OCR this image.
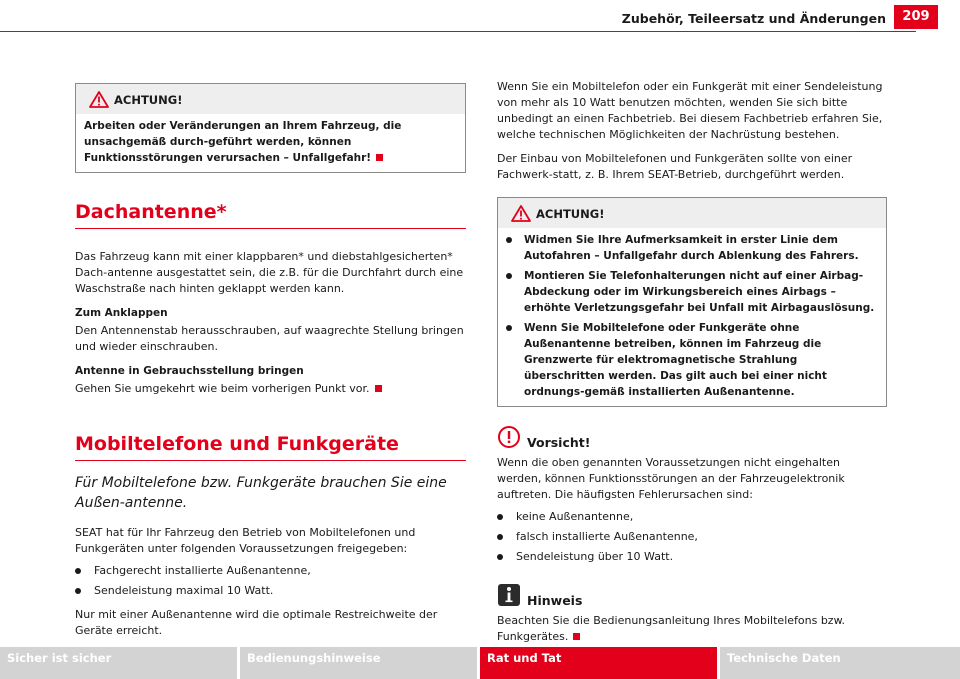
Zubehör, Teileersatz und Änderungen	209
ACHTUNG!
Arbeiten oder Veränderungen an Ihrem Fahrzeug, die unsachgemäß durch-geführt werden, können Funktionsstörungen verursachen – Unfallgefahr!
Dachantenne*

Das Fahrzeug kann mit einer klappbaren* und diebstahlgesicherten* Dach-antenne ausgestattet sein, die z.B. für die Durchfahrt durch eine Waschstraße nach hinten geklappt werden kann.

Zum Anklappen

Den Antennenstab herausschrauben, auf waagrechte Stellung bringen und wieder einschrauben.

Antenne in Gebrauchsstellung bringen

Gehen Sie umgekehrt wie beim vorherigen Punkt vor.

Mobiltelefone und Funkgeräte

Für Mobiltelefone bzw. Funkgeräte brauchen Sie eine Außen-antenne.

SEAT hat für Ihr Fahrzeug den Betrieb von Mobiltelefonen und Funkgeräten unter folgenden Voraussetzungen freigegeben:

Fachgerecht installierte Außenantenne,
Sendeleistung maximal 10 Watt.

Nur mit einer Außenantenne wird die optimale Restreichweite der Geräte erreicht.

Wenn Sie ein Mobiltelefon oder ein Funkgerät mit einer Sendeleistung von mehr als 10 Watt benutzen möchten, wenden Sie sich bitte unbedingt an einen Fachbetrieb. Bei diesem Fachbetrieb erfahren Sie, welche technischen Möglichkeiten der Nachrüstung bestehen.

Der Einbau von Mobiltelefonen und Funkgeräten sollte von einer Fachwerk-statt, z. B. Ihrem SEAT-Betrieb, durchgeführt werden.

ACHTUNG!
Widmen Sie Ihre Aufmerksamkeit in erster Linie dem Autofahren – Unfallgefahr durch Ablenkung des Fahrers.
Montieren Sie Telefonhalterungen nicht auf einer Airbag-Abdeckung oder im Wirkungsbereich eines Airbags – erhöhte Verletzungsgefahr bei Unfall mit Airbagauslösung.
Wenn Sie Mobiltelefone oder Funkgeräte ohne Außenantenne betreiben, können im Fahrzeug die Grenzwerte für elektromagnetische Strahlung überschritten werden. Das gilt auch bei einer nicht ordnungs-gemäß installierten Außenantenne.
Vorsicht!

Wenn die oben genannten Voraussetzungen nicht eingehalten werden, können Funktionsstörungen an der Fahrzeugelektronik auftreten. Die häufigsten Fehlerursachen sind:

keine Außenantenne,
falsch installierte Außenantenne,
Sendeleistung über 10 Watt.
Hinweis

Beachten Sie die Bedienungsanleitung Ihres Mobiltelefons bzw. Funkgerätes.

Sicher ist sicher	Bedienungshinweise	Rat und Tat	Technische Daten
